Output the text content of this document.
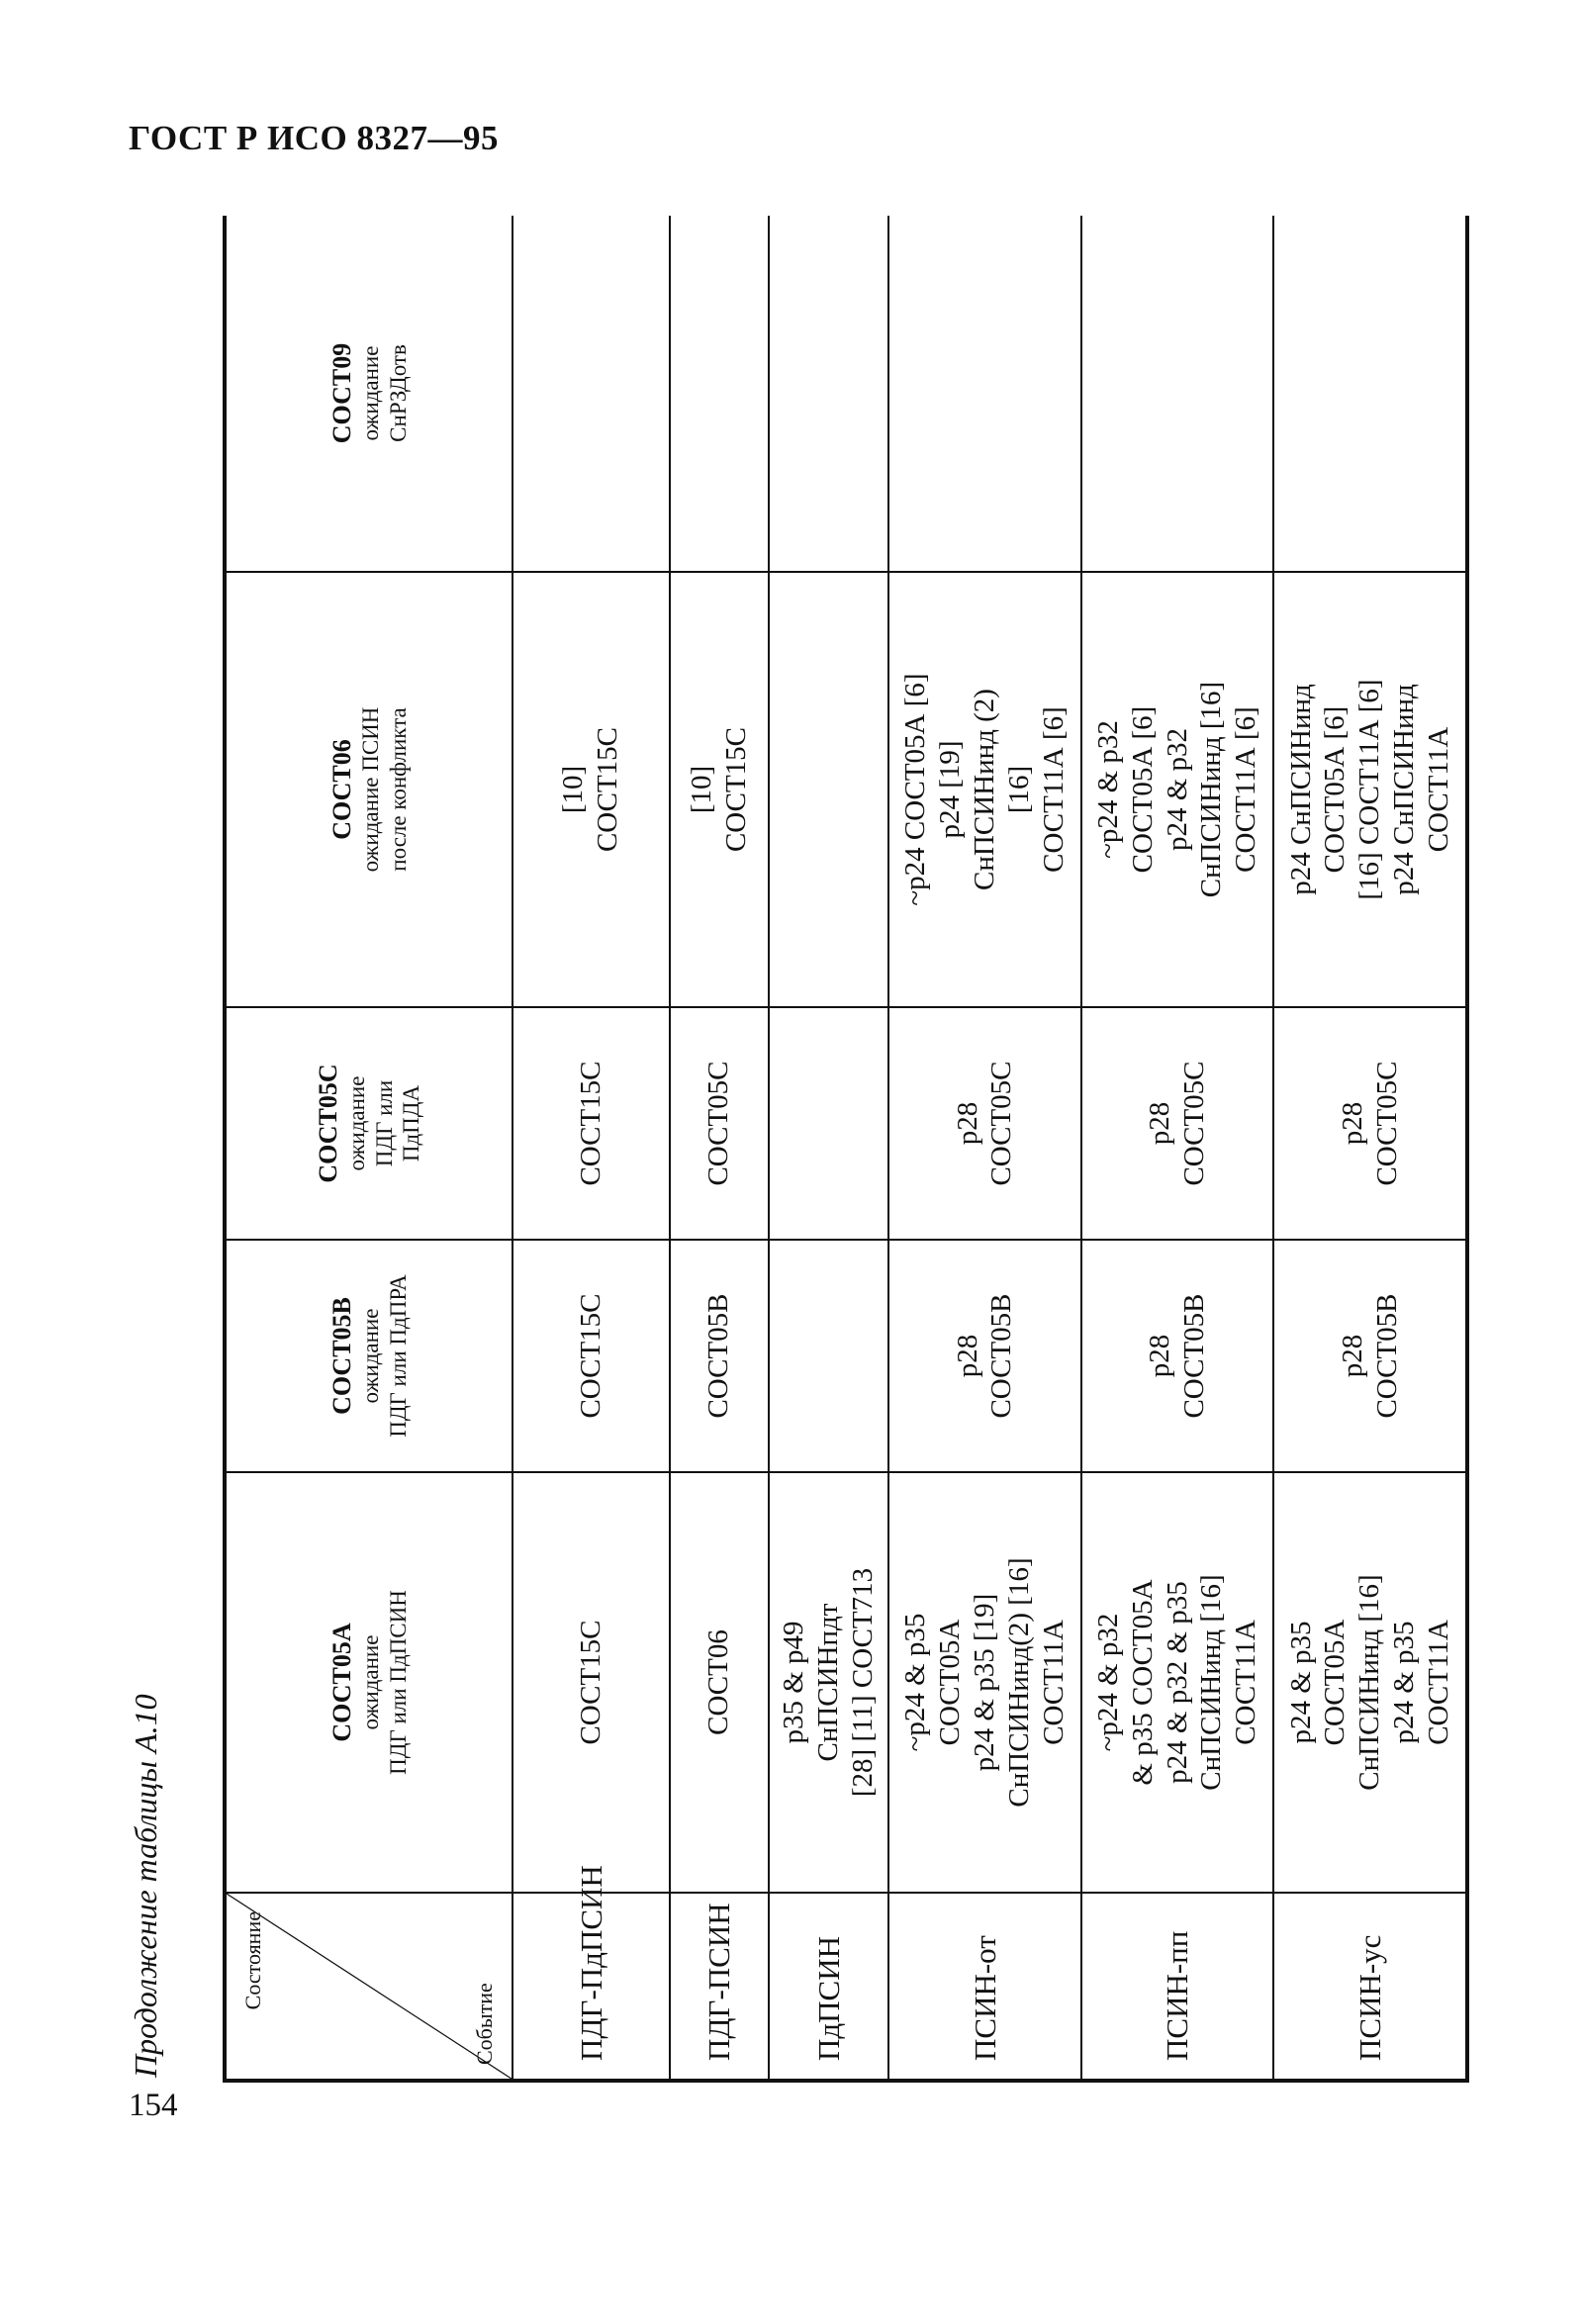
ГОСТ Р ИСО 8327—95
Продолжение таблицы А.10	Состояние
Событие	СОСТ05А ожидание ПДГ или ПдПСИН	СОСТ05В ожидание ПДГ или ПдПРА	СОСТ05С ожидание ПДГ или ПдПДА	СОСТ06 ожидание ПСИН после конфликта	СОСТ09 ожидание СнРЗДотв

ПДГ-ПдПСИН	СОСТ15С	СОСТ15С	СОСТ15С	[10] СОСТ15С	

ПДГ-ПСИН	СОСТ06	СОСТ05В	СОСТ05С	[10] СОСТ15С	

ПдПСИН	p35 & p49 СнПСИНпдт [28] [11] СОСТ713				

ПСИН-от	~p24 & p35 СОСТ05А p24 & p35 [19] СнПСИНинд(2) [16] СОСТ11А	p28 СОСТ05В	p28 СОСТ05С	~p24 СОСТ05А [6] p24 [19] СнПСИНинд (2) [16] СОСТ11А [6]	

ПСИН-пп	~p24 & p32 & p35 СОСТ05А p24 & p32 & p35 СнПСИНинд [16] СОСТ11А	p28 СОСТ05В	p28 СОСТ05С	~p24 & p32 СОСТ05А [6] p24 & p32 СнПСИНинд [16] СОСТ11А [6]	

ПСИН-ус	p24 & p35 СОСТ05А СнПСИНинд [16] p24 & p35 СОСТ11А	p28 СОСТ05В	p28 СОСТ05С	p24 СнПСИНинд СОСТ05А [6] [16] СОСТ11А [6] p24 СнПСИНинд СОСТ11А	

154
